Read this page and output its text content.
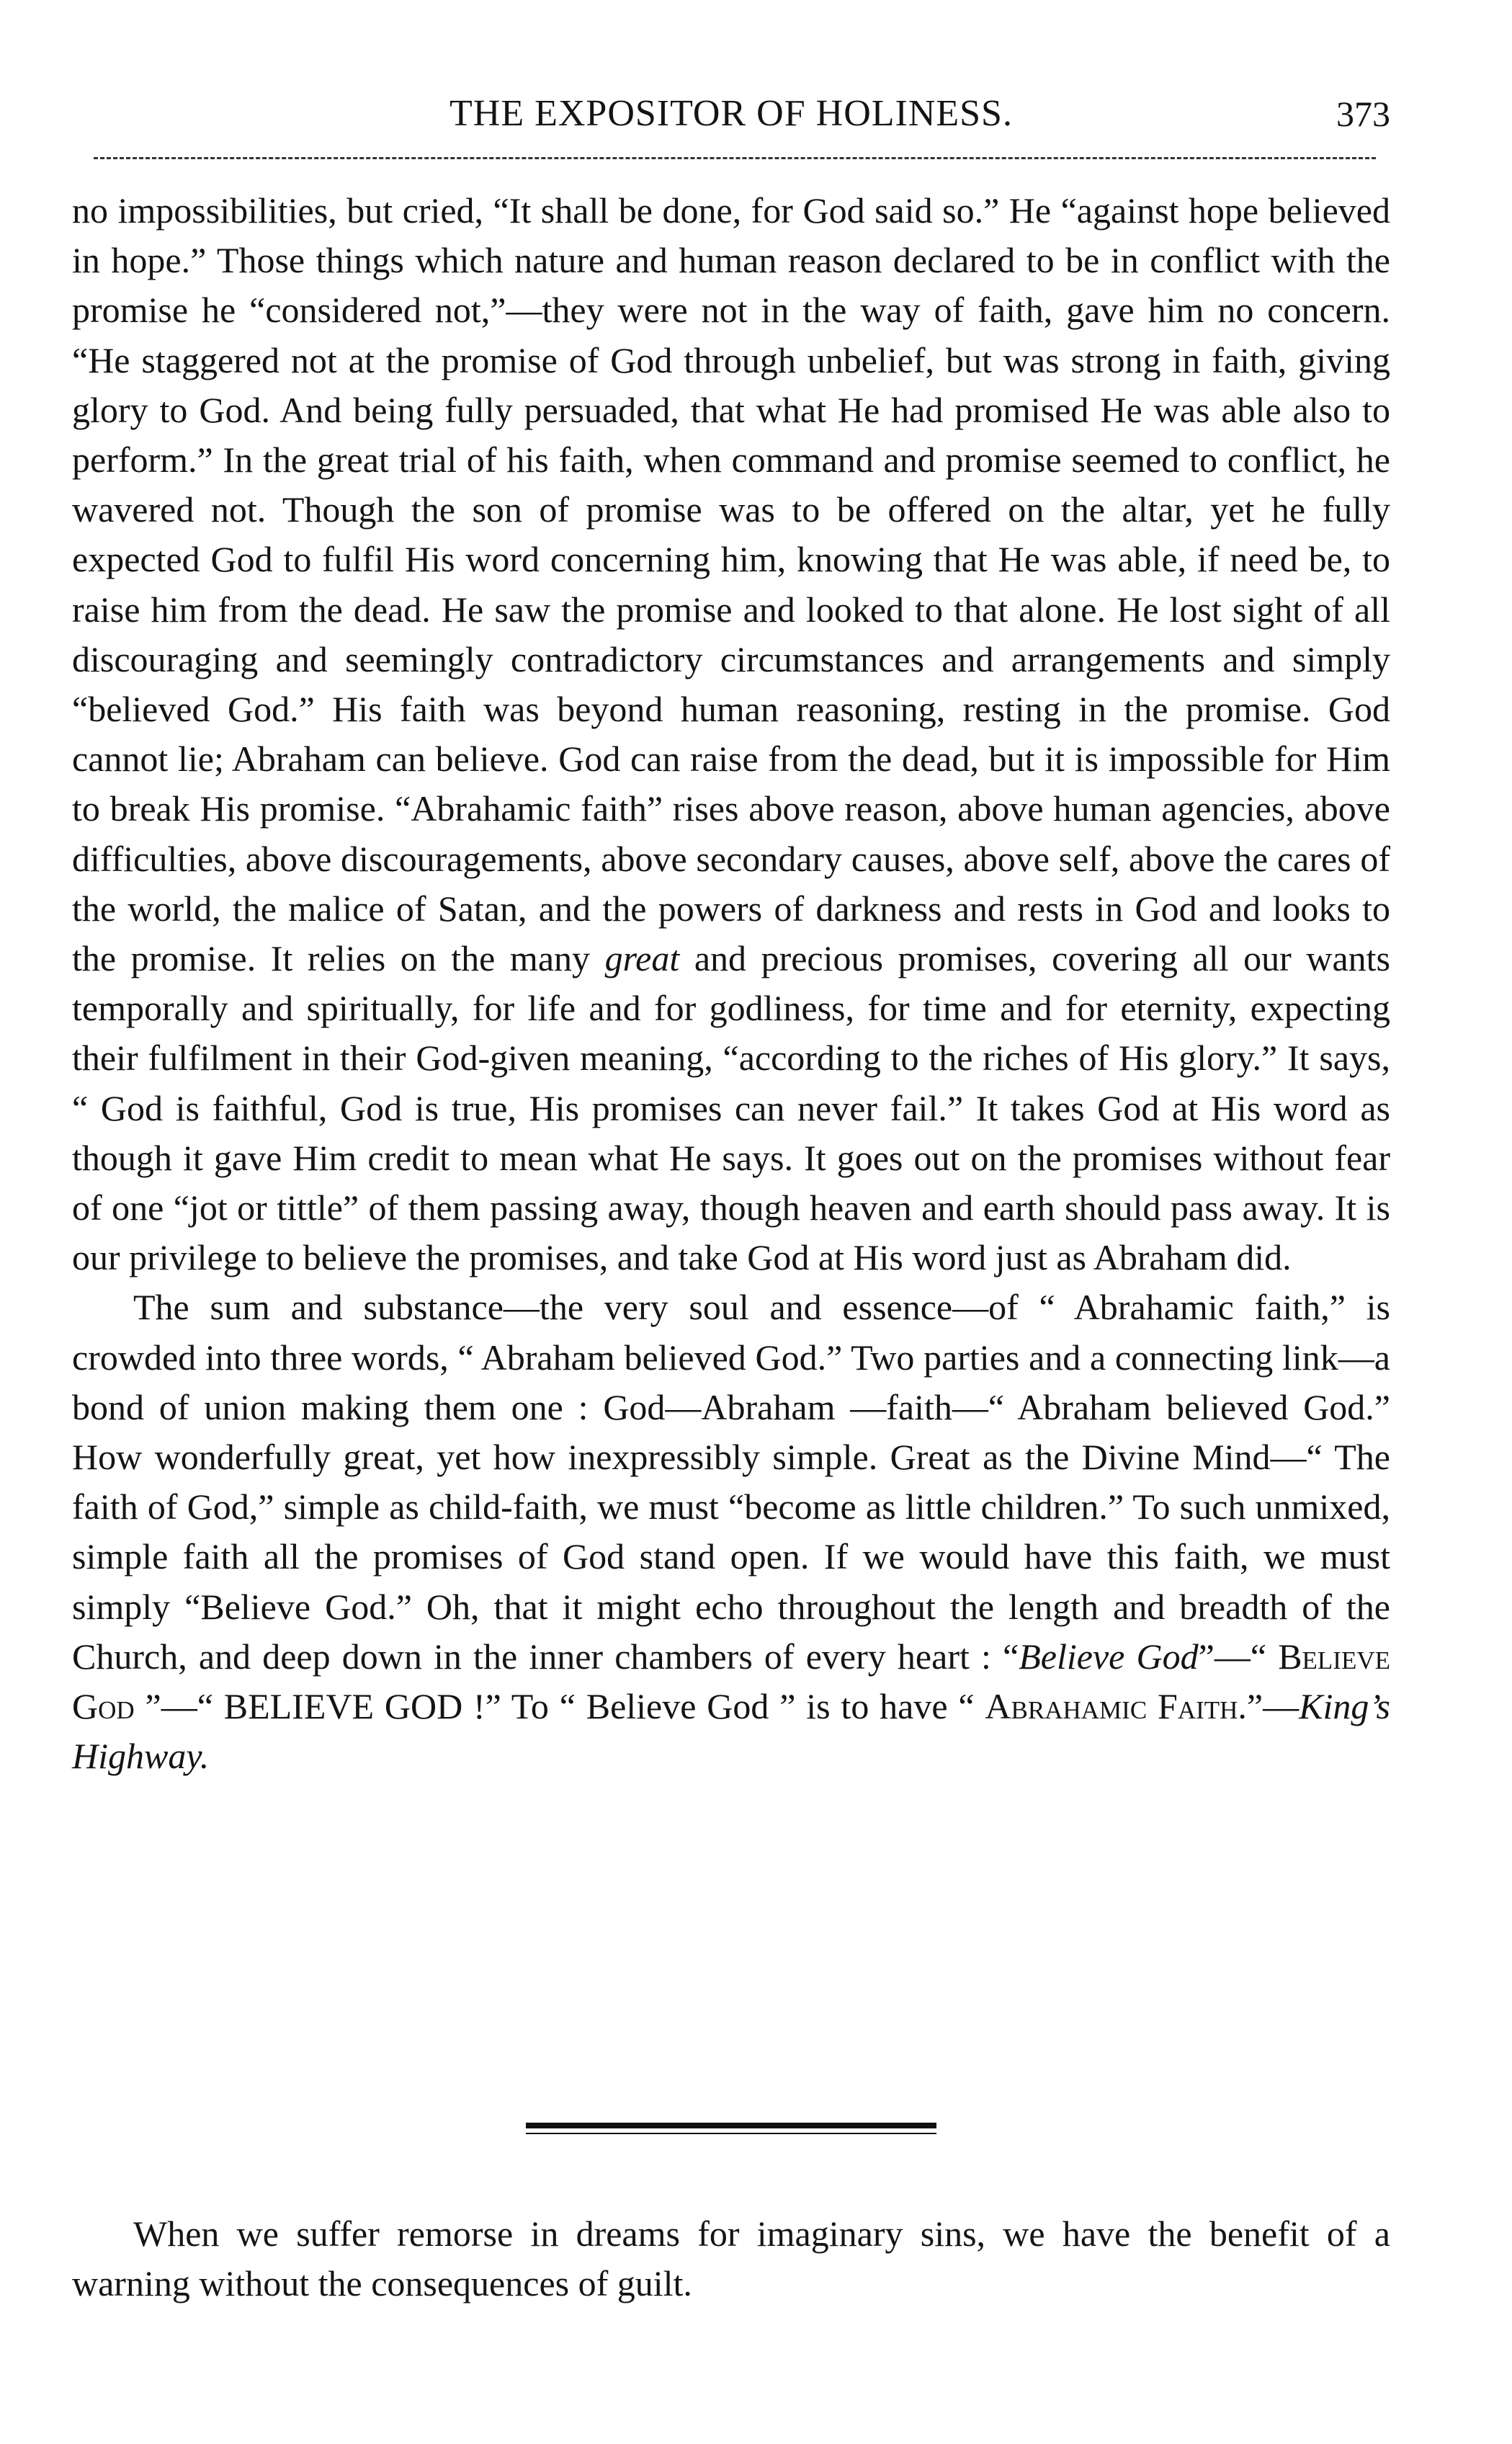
THE EXPOSITOR OF HOLINESS.	373

no impossibilities, but cried, “It shall be done, for God said so.” He “against hope believed in hope.” Those things which nature and human reason declared to be in conflict with the promise he “considered not,”—they were not in the way of faith, gave him no concern. “He staggered not at the promise of God through unbelief, but was strong in faith, giving glory to God. And being fully persuaded, that what He had promised He was able also to perform.” In the great trial of his faith, when command and promise seemed to conflict, he wavered not. Though the son of promise was to be offered on the altar, yet he fully expected God to fulfil His word concerning him, knowing that He was able, if need be, to raise him from the dead. He saw the promise and looked to that alone. He lost sight of all discouraging and seemingly contradictory circumstances and arrangements and simply “believed God.” His faith was beyond human reasoning, resting in the promise. God cannot lie; Abraham can believe. God can raise from the dead, but it is impossible for Him to break His promise. “Abrahamic faith” rises above reason, above human agencies, above difficulties, above discouragements, above secondary causes, above self, above the cares of the world, the malice of Satan, and the powers of darkness and rests in God and looks to the promise. It relies on the many great and precious promises, covering all our wants temporally and spiritually, for life and for godliness, for time and for eternity, expecting their fulfilment in their God-given meaning, “according to the riches of His glory.” It says, “ God is faithful, God is true, His promises can never fail.” It takes God at His word as though it gave Him credit to mean what He says. It goes out on the promises without fear of one “jot or tittle” of them passing away, though heaven and earth should pass away. It is our privilege to believe the promises, and take God at His word just as Abraham did.

The sum and substance—the very soul and essence—of “ Abrahamic faith,” is crowded into three words, “ Abraham believed God.” Two parties and a connecting link—a bond of union making them one : God—Abraham —faith—“ Abraham believed God.” How wonderfully great, yet how inexpressibly simple. Great as the Divine Mind—“ The faith of God,” simple as child-faith, we must “become as little children.” To such unmixed, simple faith all the promises of God stand open. If we would have this faith, we must simply “Believe God.” Oh, that it might echo throughout the length and breadth of the Church, and deep down in the inner chambers of every heart : “Believe God”—“ Believe God ”—“ BELIEVE GOD !” To “ Believe God ” is to have “ Abrahamic Faith.”—King’s Highway.

When we suffer remorse in dreams for imaginary sins, we have the benefit of a warning without the consequences of guilt.
